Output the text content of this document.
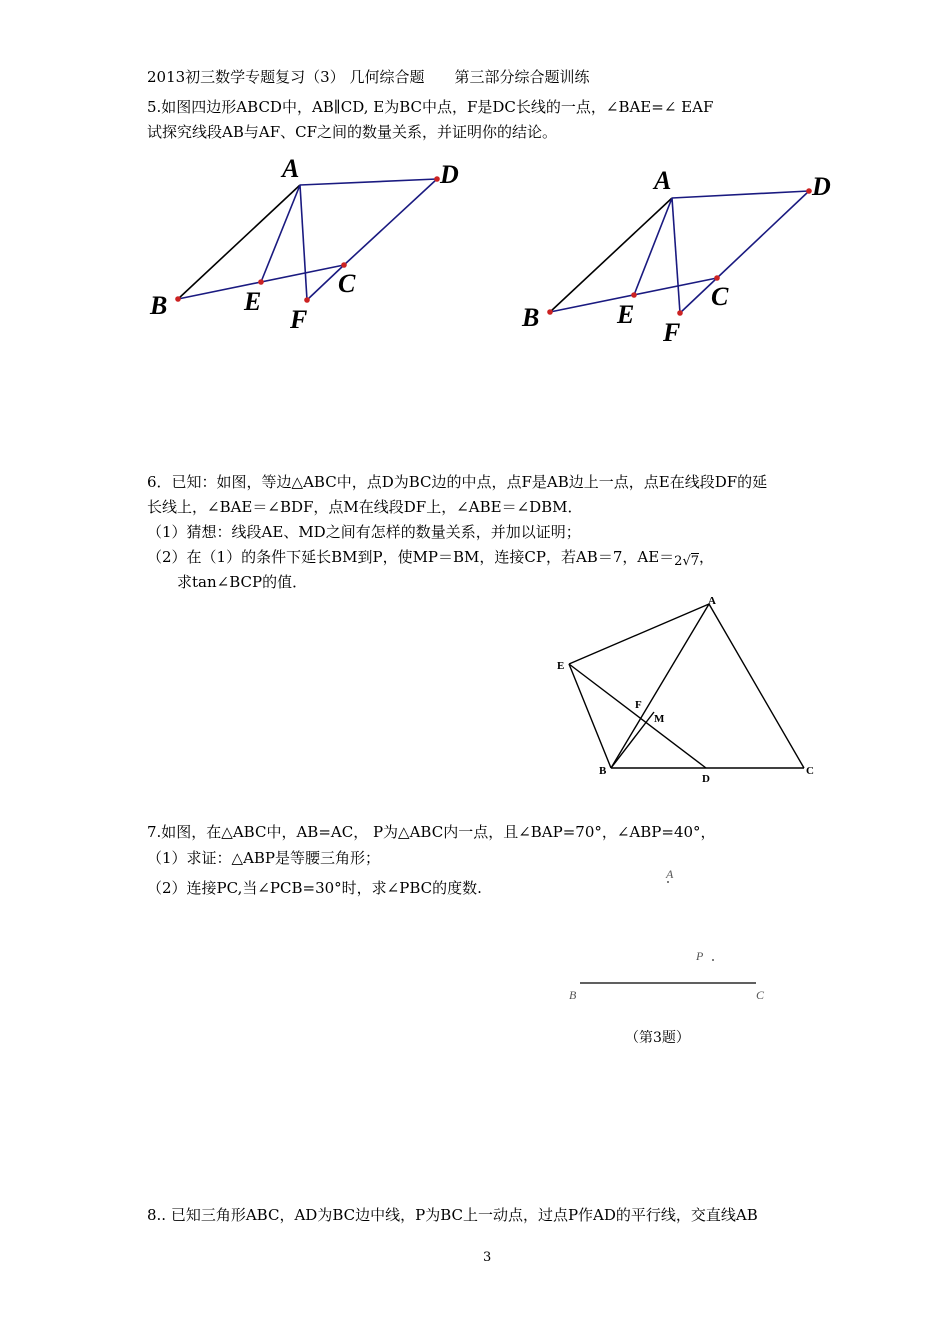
2013初三数学专题复习（3） 几何综合题　　第三部分综合题训练
5.如图四边形ABCD中，AB∥CD, E为BC中点，F是DC长线的一点，∠BAE=∠ EAF
试探究线段AB与AF、CF之间的数量关系，并证明你的结论。
A	D
B	E
C
F
A	D
B	E
C
F
6．已知：如图，等边△ABC中，点D为BC边的中点，点F是AB边上一点，点E在线段DF的延
长线上，∠BAE＝∠BDF，点M在线段DF上，∠ABE＝∠DBM．
（1）猜想：线段AE、MD之间有怎样的数量关系，并加以证明；
（2）在（1）的条件下延长BM到P，使MP＝BM，连接CP，若AB＝7，AE＝2√7，
求tan∠BCP的值．
A
E
F
M
B
D
C
7.如图，在△ABC中，AB=AC， P为△ABC内一点，且∠BAP=70°，∠ABP=40°，
（1）求证：△ABP是等腰三角形；
（2）连接PC,当∠PCB=30°时，求∠PBC的度数.
A
P
B	C
（第3题）
8.. 已知三角形ABC，AD为BC边中线，P为BC上一动点，过点P作AD的平行线，交直线AB
3
